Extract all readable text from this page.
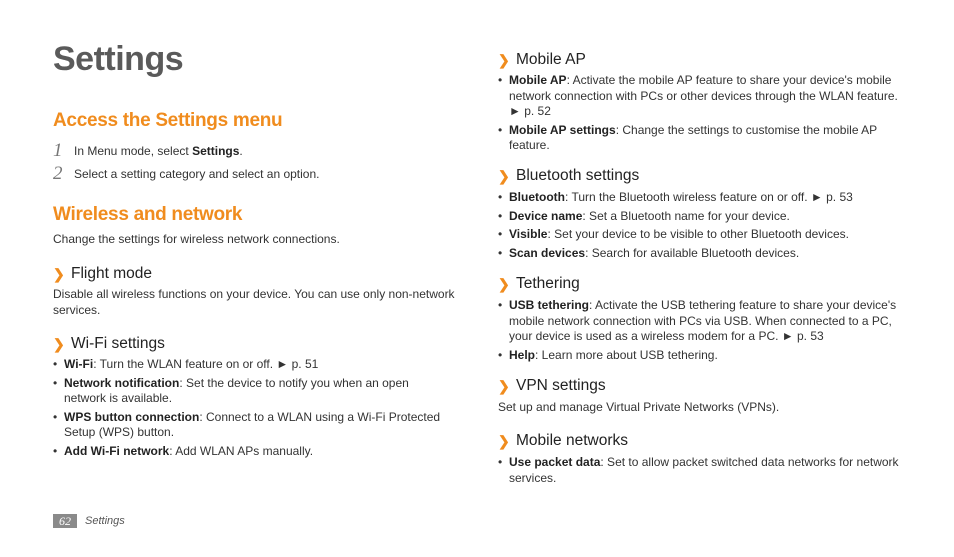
Settings
Access the Settings menu
1 In Menu mode, select Settings.
2 Select a setting category and select an option.
Wireless and network

Change the settings for wireless network connections.

❯ Flight mode

Disable all wireless functions on your device. You can use only non-network services.

❯ Wi-Fi settings
• Wi-Fi: Turn the WLAN feature on or off. ► p. 51
• Network notification: Set the device to notify you when an open network is available.
• WPS button connection: Connect to a WLAN using a Wi-Fi Protected Setup (WPS) button.
• Add Wi-Fi network: Add WLAN APs manually.
❯ Mobile AP
• Mobile AP: Activate the mobile AP feature to share your device's mobile network connection with PCs or other devices through the WLAN feature. ► p. 52
• Mobile AP settings: Change the settings to customise the mobile AP feature.
❯ Bluetooth settings
• Bluetooth: Turn the Bluetooth wireless feature on or off. ► p. 53
• Device name: Set a Bluetooth name for your device.
• Visible: Set your device to be visible to other Bluetooth devices.
• Scan devices: Search for available Bluetooth devices.
❯ Tethering
• USB tethering: Activate the USB tethering feature to share your device's mobile network connection with PCs via USB. When connected to a PC, your device is used as a wireless modem for a PC. ► p. 53
• Help: Learn more about USB tethering.
❯ VPN settings

Set up and manage Virtual Private Networks (VPNs).

❯ Mobile networks
• Use packet data: Set to allow packet switched data networks for network services.
62	Settings
